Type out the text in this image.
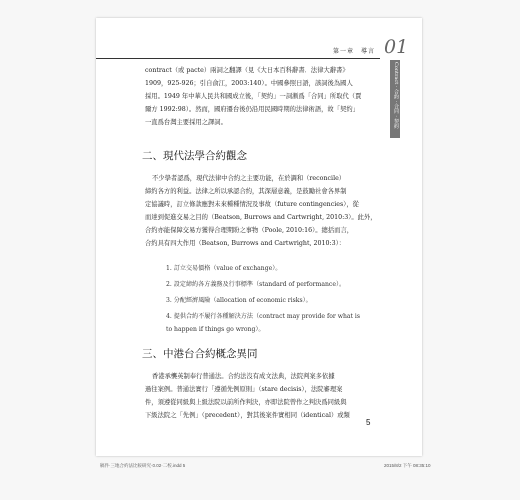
第一章　導言 01
Contract · 合約 · 合同 · 契約
contract（或 pacte）兩詞之翻譯（見《大日本百科辭書．法律大辭書》
1909，925-926；引自俞江，2003:140）。中國參照日語，該詞後為國人
採用。1949 年中華人民共和國成立後，「契約」一詞漸爲「合同」所取代（賈
爾方 1992:98）。然而，國府遷台後仍沿用民國時期的法律術語，故「契約」
一直爲台灣主要採用之譯詞。
二、現代法學合約觀念
不少學者認爲，現代法律中合約之主要功能，在於調和（reconcile）
締約各方的利益。法律之所以承認合約，其深層意義，是鼓勵社會各界制
定協議時，訂立條款應對未來種種情況及事故（future contingencies），從
而達到促進交易之目的（Beatson, Burrows and Cartwright, 2010:3）。此外，
合約亦能保障交易方獲得合理期盼之事物（Poole, 2010:16）。總括而言，
合約具有四大作用（Beatson, Burrows and Cartwright, 2010:3）：
1. 訂立交易價格（value of exchange）。
2. 設定締約各方義務及行事標準（standard of performance）。
3. 分配經濟風險（allocation of economic risks）。
4. 提供合約不履行各種解決方法（contract may provide for what is
to happen if things go wrong）。
三、中港台合約概念異同
香港承襲英制奉行普通法。合約法沒有成文法典，法院判案多依據
過往案例。普通法實行「遵循先例原則」（stare decisis），法院審理案
件，須遵從同級與上級法院以前所作判決，亦即法院曾作之判決爲同級與
下級法院之「先例」（precedent），對其後案件實相同（identical）或類
5
稿件·三地合約法比較研究·0.02·二校.indd 5	2015/8/2 下午 08:35:10
